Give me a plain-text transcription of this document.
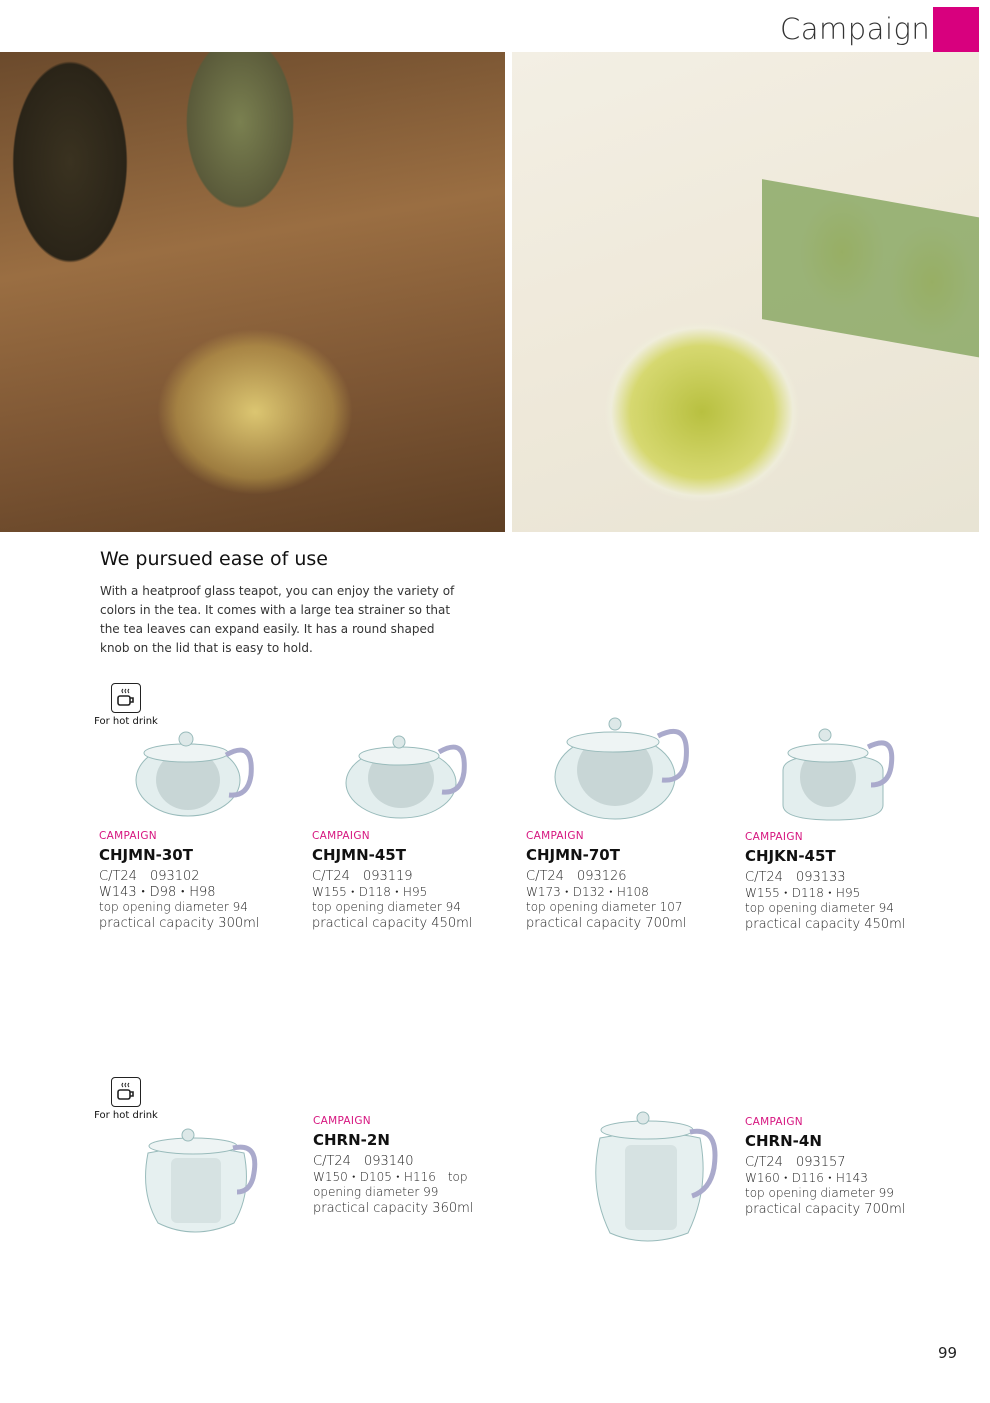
Campaign
We pursued ease of use
With a heatproof glass teapot, you can enjoy the variety of colors in the tea. It comes with a large tea strainer so that the tea leaves can expand easily. It has a round shaped knob on the lid that is easy to hold.
For hot drink
For hot drink
CAMPAIGN
CHJMN-30T
C/T24　093102
W143・D98・H98
top opening diameter 94
practical capacity 300ml
CAMPAIGN
CHJMN-45T
C/T24　093119
W155・D118・H95
top opening diameter 94
practical capacity 450ml
CAMPAIGN
CHJMN-70T
C/T24　093126
W173・D132・H108
top opening diameter 107
practical capacity 700ml
CAMPAIGN
CHJKN-45T
C/T24　093133
W155・D118・H95
top opening diameter 94
practical capacity 450ml
CAMPAIGN
CHRN-2N
C/T24　093140
W150・D105・H116　top
opening diameter 99
practical capacity 360ml
CAMPAIGN
CHRN-4N
C/T24　093157
W160・D116・H143
top opening diameter 99
practical capacity 700ml
99
